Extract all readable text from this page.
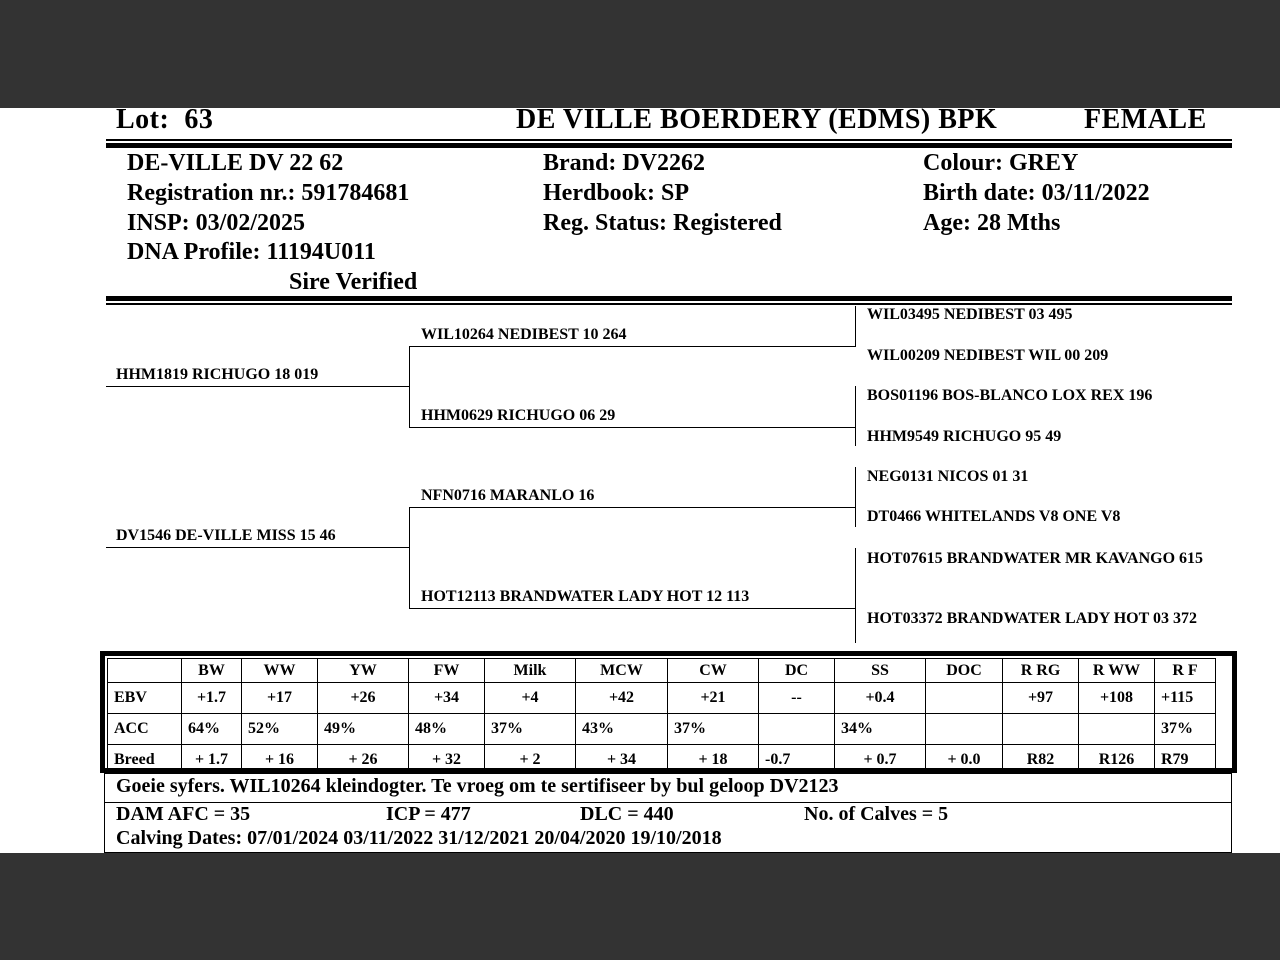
Lot: 63	DE VILLE BOERDERY (EDMS) BPK	FEMALE
DE-VILLE DV 22 62
Registration nr.: 591784681
INSP: 03/02/2025
DNA Profile: 11194U011
Sire Verified
Brand: DV2262
Herdbook: SP
Reg. Status: Registered
Colour: GREY
Birth date: 03/11/2022
Age: 28 Mths
HHM1819 RICHUGO 18 019
DV1546 DE-VILLE MISS 15 46
WIL10264 NEDIBEST 10 264
HHM0629 RICHUGO 06 29
NFN0716 MARANLO 16
HOT12113 BRANDWATER LADY HOT 12 113
WIL03495 NEDIBEST 03 495
WIL00209 NEDIBEST WIL 00 209
BOS01196 BOS-BLANCO LOX REX 196
HHM9549 RICHUGO 95 49
NEG0131 NICOS 01 31
DT0466 WHITELANDS V8 ONE V8
HOT07615 BRANDWATER MR KAVANGO 615
HOT03372 BRANDWATER LADY HOT 03 372
	BW	WW	YW	FW	Milk	MCW	CW	DC	SS	DOC	R RG	R WW	R F
EBV	+1.7	+17	+26	+34	+4	+42	+21	--	+0.4		+97	+108	+115
ACC	64%	52%	49%	48%	37%	43%	37%		34%				37%
Breed	+ 1.7	+ 16	+ 26	+ 32	+ 2	+ 34	+ 18	-0.7	+ 0.7	+ 0.0	R82	R126	R79
Goeie syfers. WIL10264 kleindogter. Te vroeg om te sertifiseer by bul geloop DV2123
DAM AFC = 35	ICP = 477	DLC = 440	No. of Calves = 5
Calving Dates: 07/01/2024 03/11/2022 31/12/2021 20/04/2020 19/10/2018
